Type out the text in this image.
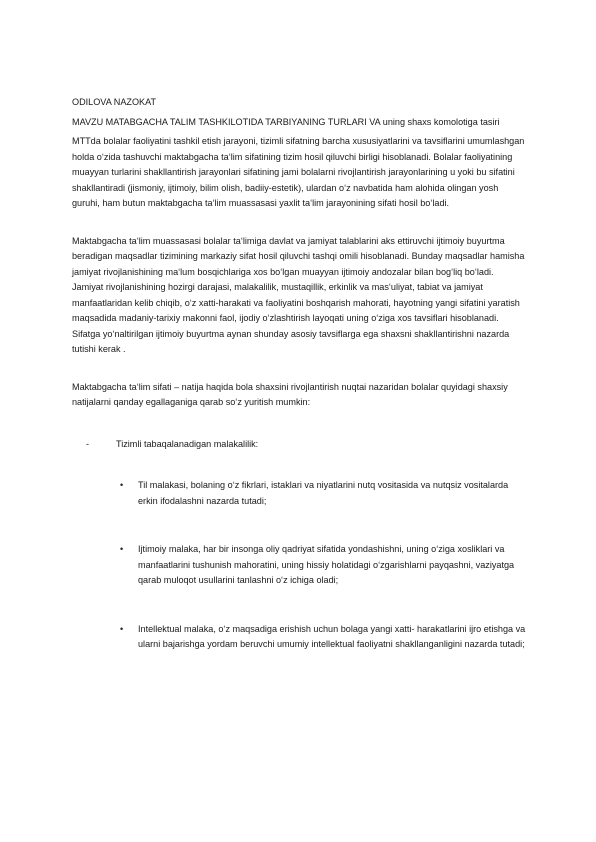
ODILOVA NAZOKAT

MAVZU MATABGACHA TALIM TASHKILOTIDA TARBIYANING TURLARI VA uning shaxs komolotiga tasiri

MTTda bolalar faoliyatini tashkil etish jarayoni, tizimli sifatning barcha xususiyatlarini va tavsiflarini umumlashgan holda o‘zida tashuvchi maktabgacha ta‘lim sifatining tizim hosil qiluvchi birligi hisoblanadi. Bolalar faoliyatining muayyan turlarini shakllantirish jarayonlari sifatining jami bolalarni rivojlantirish jarayonlarining u yoki bu sifatini shakllantiradi (jismoniy, ijtimoiy, bilim olish, badiiy-estetik), ulardan o‘z navbatida ham alohida olingan yosh guruhi, ham butun maktabgacha ta‘lim muassasasi yaxlit ta‘lim jarayonining sifati hosil bo‘ladi.

Maktabgacha ta‘lim muassasasi bolalar ta‘limiga davlat va jamiyat talablarini aks ettiruvchi ijtimoiy buyurtma beradigan maqsadlar tizimining markaziy sifat hosil qiluvchi tashqi omili hisoblanadi. Bunday maqsadlar hamisha jamiyat rivojlanishining ma‘lum bosqichlariga xos bo‘lgan muayyan ijtimoiy andozalar bilan bog‘liq bo‘ladi. Jamiyat rivojlanishining hozirgi darajasi, malakalilik, mustaqillik, erkinlik va mas‘uliyat, tabiat va jamiyat manfaatlaridan kelib chiqib, o‘z xatti-harakati va faoliyatini boshqarish mahorati, hayotning yangi sifatini yaratish maqsadida madaniy-tarixiy makonni faol, ijodiy o‘zlashtirish layoqati uning o‘ziga xos tavsiflari hisoblanadi. Sifatga yo‘naltirilgan ijtimoiy buyurtma aynan shunday asosiy tavsiflarga ega shaxsni shakllantirishni nazarda tutishi kerak .

Maktabgacha ta‘lim sifati – natija haqida bola shaxsini rivojlantirish nuqtai nazaridan bolalar quyidagi shaxsiy natijalarni qanday egallaganiga qarab so‘z yuritish mumkin:

-	Tizimli tabaqalanadigan malakalilik:
• Til malakasi, bolaning o‘z fikrlari, istaklari va niyatlarini nutq vositasida va nutqsiz vositalarda erkin ifodalashni nazarda tutadi;
• Ijtimoiy malaka, har bir insonga oliy qadriyat sifatida yondashishni, uning o‘ziga xosliklari va manfaatlarini tushunish mahoratini, uning hissiy holatidagi o‘zgarishlarni payqashni, vaziyatga qarab muloqot usullarini tanlashni o‘z ichiga oladi;
• Intellektual malaka, o‘z maqsadiga erishish uchun bolaga yangi xatti- harakatlarini ijro etishga va ularni bajarishga yordam beruvchi umumiy intellektual faoliyatni shakllanganligini nazarda tutadi;
